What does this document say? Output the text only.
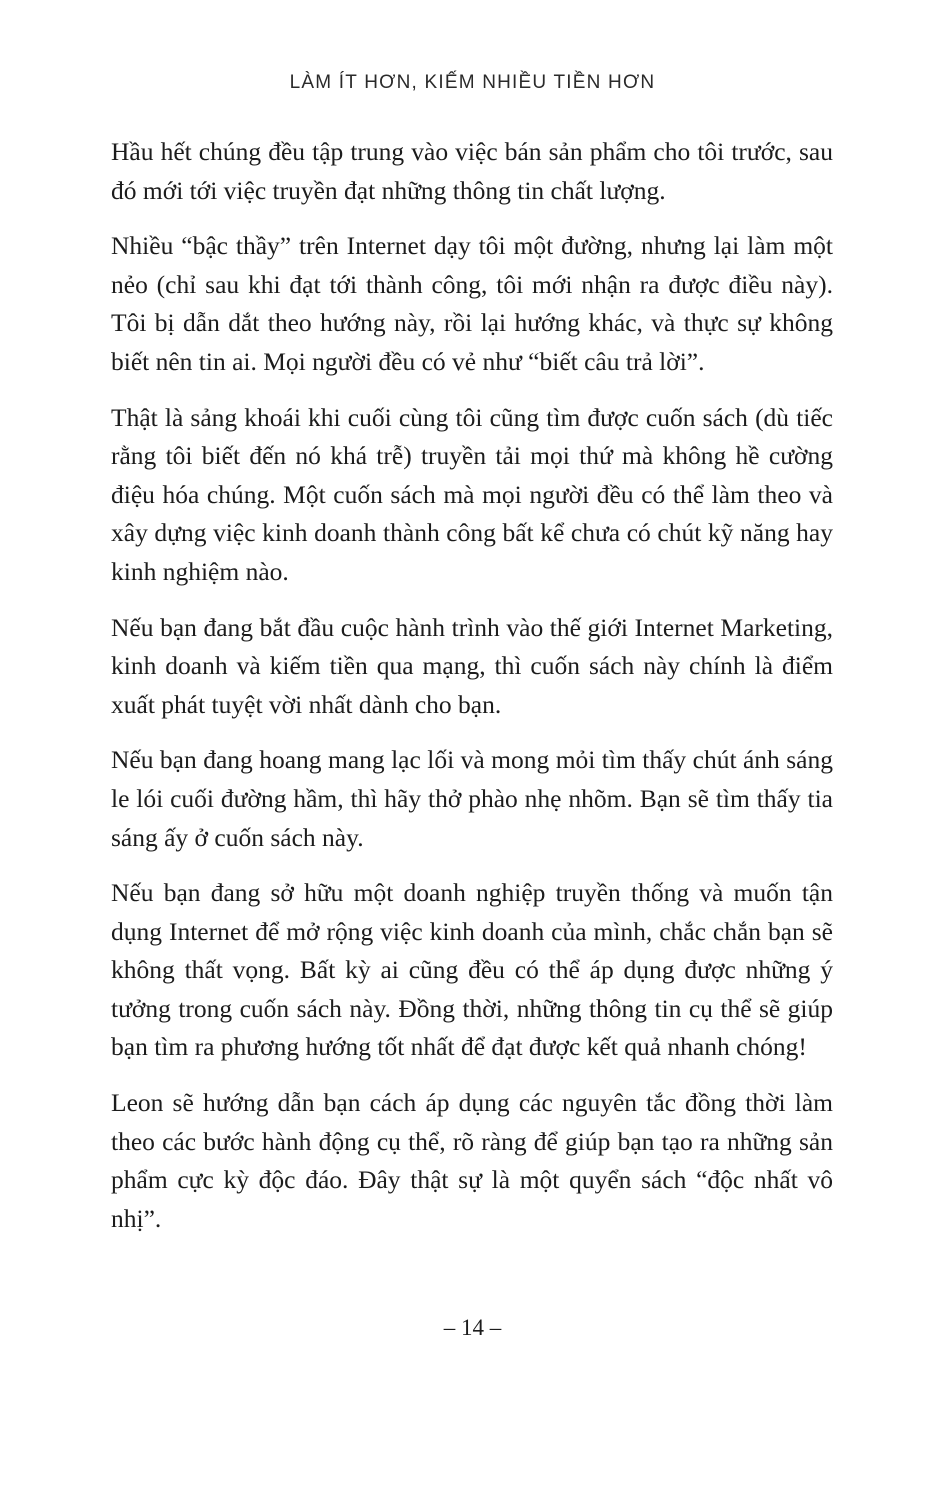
LÀM ÍT HƠN, KIẾM NHIỀU TIỀN HƠN

Hầu hết chúng đều tập trung vào việc bán sản phẩm cho tôi trước, sau đó mới tới việc truyền đạt những thông tin chất lượng.

Nhiều “bậc thầy” trên Internet dạy tôi một đường, nhưng lại làm một nẻo (chỉ sau khi đạt tới thành công, tôi mới nhận ra được điều này). Tôi bị dẫn dắt theo hướng này, rồi lại hướng khác, và thực sự không biết nên tin ai. Mọi người đều có vẻ như “biết câu trả lời”.

Thật là sảng khoái khi cuối cùng tôi cũng tìm được cuốn sách (dù tiếc rằng tôi biết đến nó khá trễ) truyền tải mọi thứ mà không hề cường điệu hóa chúng. Một cuốn sách mà mọi người đều có thể làm theo và xây dựng việc kinh doanh thành công bất kể chưa có chút kỹ năng hay kinh nghiệm nào.

Nếu bạn đang bắt đầu cuộc hành trình vào thế giới Internet Marketing, kinh doanh và kiếm tiền qua mạng, thì cuốn sách này chính là điểm xuất phát tuyệt vời nhất dành cho bạn.

Nếu bạn đang hoang mang lạc lối và mong mỏi tìm thấy chút ánh sáng le lói cuối đường hầm, thì hãy thở phào nhẹ nhõm. Bạn sẽ tìm thấy tia sáng ấy ở cuốn sách này.

Nếu bạn đang sở hữu một doanh nghiệp truyền thống và muốn tận dụng Internet để mở rộng việc kinh doanh của mình, chắc chắn bạn sẽ không thất vọng. Bất kỳ ai cũng đều có thể áp dụng được những ý tưởng trong cuốn sách này. Đồng thời, những thông tin cụ thể sẽ giúp bạn tìm ra phương hướng tốt nhất để đạt được kết quả nhanh chóng!

Leon sẽ hướng dẫn bạn cách áp dụng các nguyên tắc đồng thời làm theo các bước hành động cụ thể, rõ ràng để giúp bạn tạo ra những sản phẩm cực kỳ độc đáo. Đây thật sự là một quyển sách “độc nhất vô nhị”.

– 14 –
